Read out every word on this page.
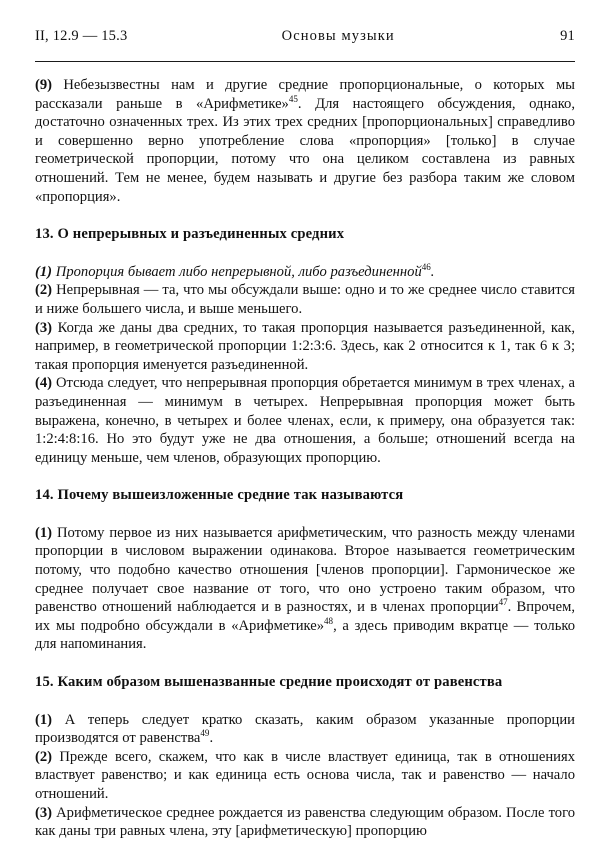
II, 12.9 — 15.3	Основы музыки	91

(9) Небезызвестны нам и другие средние пропорциональные, о которых мы рассказали раньше в «Арифметике»$^{45}$. Для настоящего обсуждения, однако, достаточно означенных трех. Из этих трех средних [пропорциональных] справедливо и совершенно верно употребление слова «пропорция» [только] в случае геометрической пропорции, потому что она целиком составлена из равных отношений. Тем не менее, будем называть и другие без разбора таким же словом «пропорция».

13. О непрерывных и разъединенных средних

(1) Пропорция бывает либо непрерывной, либо разъединенной$^{46}$.

(2) Непрерывная — та, что мы обсуждали выше: одно и то же среднее число ставится и ниже большего числа, и выше меньшего.

(3) Когда же даны два средних, то такая пропорция называется разъединенной, как, например, в геометрической пропорции 1:2:3:6. Здесь, как 2 относится к 1, так 6 к 3; такая пропорция именуется разъединенной.

(4) Отсюда следует, что непрерывная пропорция обретается минимум в трех членах, а разъединенная — минимум в четырех. Непрерывная пропорция может быть выражена, конечно, в четырех и более членах, если, к примеру, она образуется так: 1:2:4:8:16. Но это будут уже не два отношения, а больше; отношений всегда на единицу меньше, чем членов, образующих пропорцию.

14. Почему вышеизложенные средние так называются

(1) Потому первое из них называется арифметическим, что разность между членами пропорции в числовом выражении одинакова. Второе называется геометрическим потому, что подобно качество отношения [членов пропорции]. Гармоническое же среднее получает свое название от того, что оно устроено таким образом, что равенство отношений наблюдается и в разностях, и в членах пропорции$^{47}$. Впрочем, их мы подробно обсуждали в «Арифметике»$^{48}$, а здесь приводим вкратце — только для напоминания.

15. Каким образом вышеназванные средние происходят от равенства

(1) А теперь следует кратко сказать, каким образом указанные пропорции производятся от равенства$^{49}$.

(2) Прежде всего, скажем, что как в числе властвует единица, так в отношениях властвует равенство; и как единица есть основа числа, так и равенство — начало отношений.

(3) Арифметическое среднее рождается из равенства следующим образом. После того как даны три равных члена, эту [арифметическую] пропорцию
